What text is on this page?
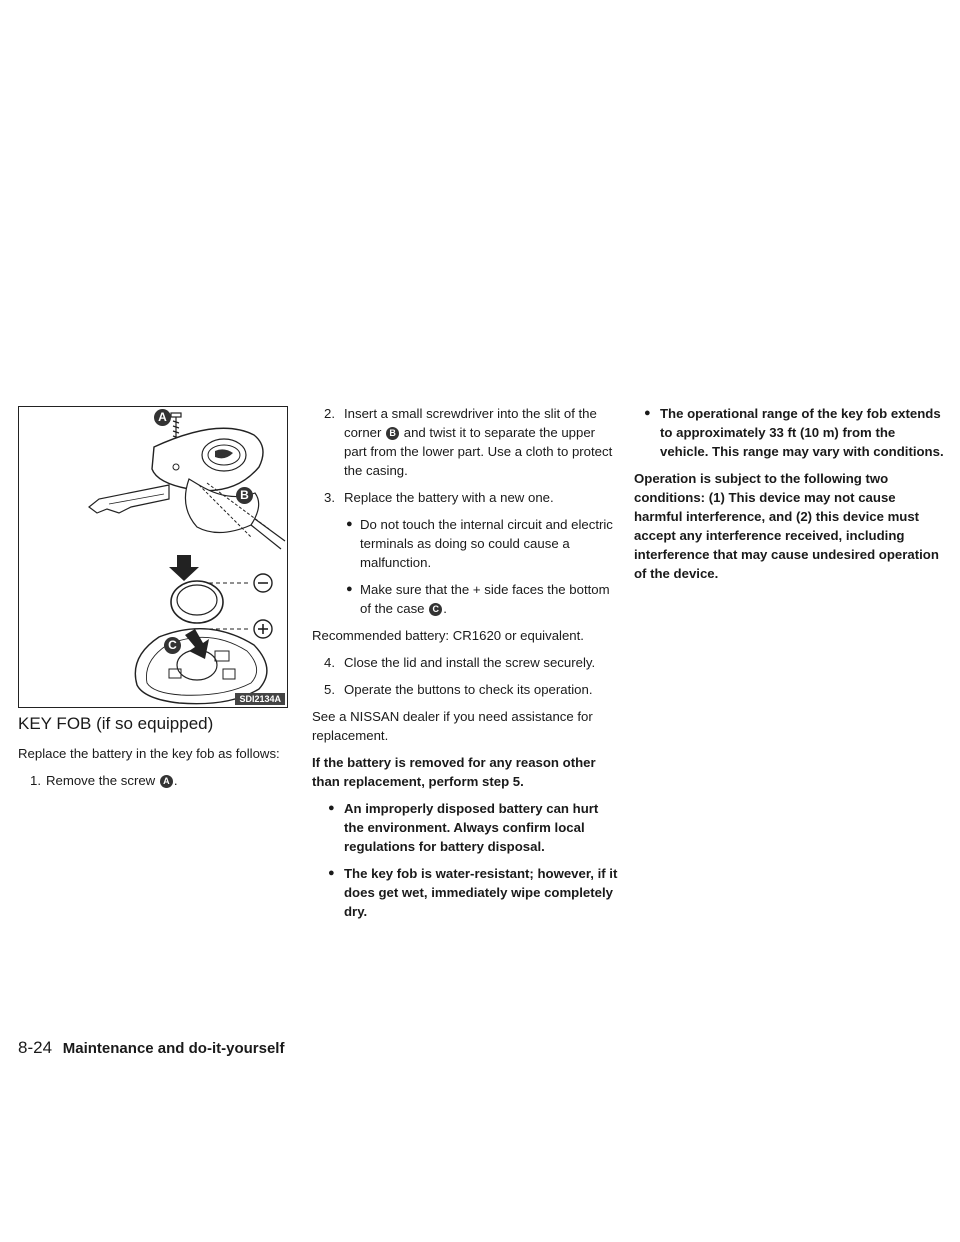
A
B
C
SDI2134A
KEY FOB (if so equipped)

Replace the battery in the key fob as follows:

1. Remove the screw A .
2. Insert a small screwdriver into the slit of the corner B and twist it to separate the upper part from the lower part. Use a cloth to protect the casing.
3. Replace the battery with a new one.
● Do not touch the internal circuit and electric terminals as doing so could cause a malfunction.
● Make sure that the + side faces the bottom of the case C .

Recommended battery: CR1620 or equivalent.

4. Close the lid and install the screw securely.
5. Operate the buttons to check its operation.

See a NISSAN dealer if you need assistance for replacement.

If the battery is removed for any reason other than replacement, perform step 5.

● An improperly disposed battery can hurt the environment. Always confirm local regulations for battery disposal.
● The key fob is water-resistant; however, if it does get wet, immediately wipe completely dry.
● The operational range of the key fob extends to approximately 33 ft (10 m) from the vehicle. This range may vary with conditions.

Operation is subject to the following two conditions: (1) This device may not cause harmful interference, and (2) this device must accept any interference received, including interference that may cause undesired operation of the device.

8-24 Maintenance and do-it-yourself
